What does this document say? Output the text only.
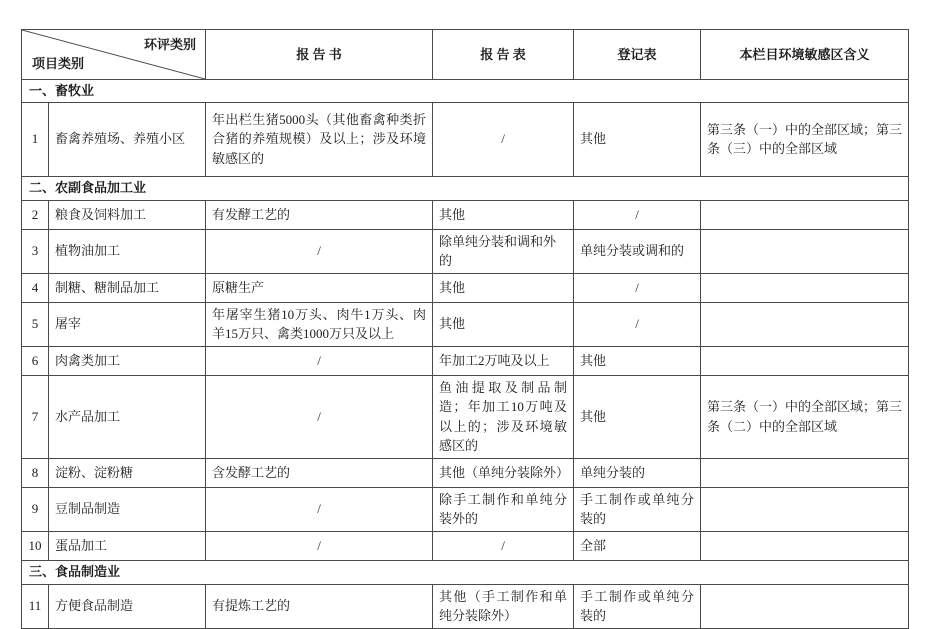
环评类别
项目类别		报 告 书	报 告 表	登记表	本栏目环境敏感区含义
一、畜牧业					
1	畜禽养殖场、养殖小区	年出栏生猪5000头（其他畜禽种类折合猪的养殖规模）及以上；涉及环境敏感区的	/	其他	第三条（一）中的全部区域；第三条（三）中的全部区域
二、农副食品加工业					
2	粮食及饲料加工	有发酵工艺的	其他	/	
3	植物油加工	/	除单纯分装和调和外的	单纯分装或调和的	
4	制糖、糖制品加工	原糖生产	其他	/	
5	屠宰	年屠宰生猪10万头、肉牛1万头、肉羊15万只、禽类1000万只及以上	其他	/	
6	肉禽类加工	/	年加工2万吨及以上	其他	
7	水产品加工	/	鱼油提取及制品制造；年加工10万吨及以上的；涉及环境敏感区的	其他	第三条（一）中的全部区域；第三条（二）中的全部区域
8	淀粉、淀粉糖	含发酵工艺的	其他（单纯分装除外）	单纯分装的	
9	豆制品制造	/	除手工制作和单纯分装外的	手工制作或单纯分装的	
10	蛋品加工	/	/	全部	
三、食品制造业					
11	方便食品制造	有提炼工艺的	其他（手工制作和单纯分装除外）	手工制作或单纯分装的	
